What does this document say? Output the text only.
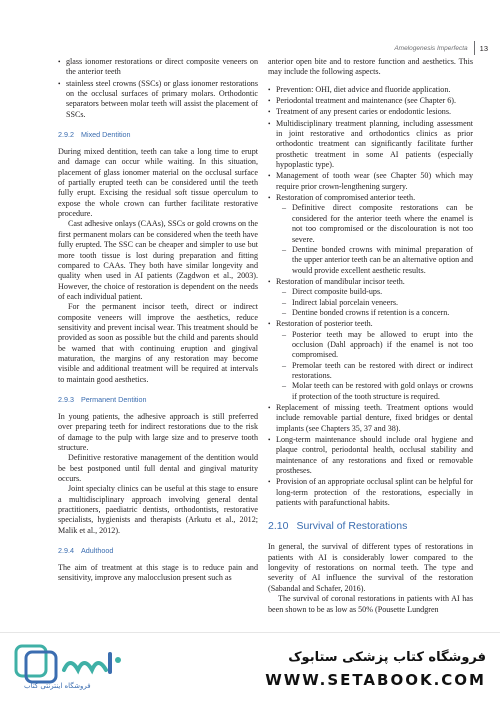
Amelogenesis Imperfecta	13
• glass ionomer restorations or direct composite veneers on the anterior teeth
• stainless steel crowns (SSCs) or glass ionomer restorations on the occlusal surfaces of primary molars. Orthodontic separators between molar teeth will assist the placement of SSCs.
2.9.2 Mixed Dentition

During mixed dentition, teeth can take a long time to erupt and damage can occur while waiting. In this situation, placement of glass ionomer material on the occlusal surface of partially erupted teeth can be considered until the teeth fully erupt. Excising the residual soft tissue operculum to expose the whole crown can further facilitate restorative procedure.

Cast adhesive onlays (CAAs), SSCs or gold crowns on the first permanent molars can be considered when the teeth have fully erupted. The SSC can be cheaper and simpler to use but more tooth tissue is lost during preparation and fitting compared to CAAs. They both have similar longevity and quality when used in AI patients (Zagdwon et al., 2003). However, the choice of restoration is dependent on the needs of each individual patient.

For the permanent incisor teeth, direct or indirect composite veneers will improve the aesthetics, reduce sensitivity and prevent incisal wear. This treatment should be provided as soon as possible but the child and parents should be warned that with continuing eruption and gingival maturation, the margins of any restoration may become visible and additional treatment will be required at intervals to maintain good aesthetics.

2.9.3 Permanent Dentition

In young patients, the adhesive approach is still preferred over preparing teeth for indirect restorations due to the risk of damage to the pulp with large size and to preserve tooth structure.

Definitive restorative management of the dentition would be best postponed until full dental and gingival maturity occurs.

Joint specialty clinics can be useful at this stage to ensure a multidisciplinary approach involving general dental practitioners, paediatric dentists, orthodontists, restorative specialists, hygienists and therapists (Arkutu et al., 2012; Malik et al., 2012).

2.9.4 Adulthood

The aim of treatment at this stage is to reduce pain and sensitivity, improve any malocclusion present such as

anterior open bite and to restore function and aesthetics. This may include the following aspects.

• Prevention: OHI, diet advice and fluoride application.
• Periodontal treatment and maintenance (see Chapter 6).
• Treatment of any present caries or endodontic lesions.
• Multidisciplinary treatment planning, including assessment in joint restorative and orthodontics clinics as prior orthodontic treatment can significantly facilitate further prosthetic treatment in some AI patients (especially hypoplastic type).
• Management of tooth wear (see Chapter 50) which may require prior crown-lengthening surgery.
• Restoration of compromised anterior teeth.
– Definitive direct composite restorations can be considered for the anterior teeth where the enamel is not too compromised or the discolouration is not too severe.
– Dentine bonded crowns with minimal preparation of the upper anterior teeth can be an alternative option and would provide excellent aesthetic results.
• Restoration of mandibular incisor teeth.
– Direct composite build-ups.
– Indirect labial porcelain veneers.
– Dentine bonded crowns if retention is a concern.
• Restoration of posterior teeth.
– Posterior teeth may be allowed to erupt into the occlusion (Dahl approach) if the enamel is not too compromised.
– Premolar teeth can be restored with direct or indirect restorations.
– Molar teeth can be restored with gold onlays or crowns if protection of the tooth structure is required.
• Replacement of missing teeth. Treatment options would include removable partial denture, fixed bridges or dental implants (see Chapters 35, 37 and 38).
• Long-term maintenance should include oral hygiene and plaque control, periodontal health, occlusal stability and maintenance of any restorations and fixed or removable prostheses.
• Provision of an appropriate occlusal splint can be helpful for long-term protection of the restorations, especially in patients with parafunctional habits.
2.10 Survival of Restorations

In general, the survival of different types of restorations in patients with AI is considerably lower compared to the longevity of restorations on normal teeth. The type and severity of AI influence the survival of the restoration (Sabandal and Schafer, 2016).

The survival of coronal restorations in patients with AI has been shown to be as low as 50% (Pousette Lundgren

فروشگاه اینترنتی کتاب
فروشگاه کتاب پزشکی ستابوک
WWW.SETABOOK.COM
